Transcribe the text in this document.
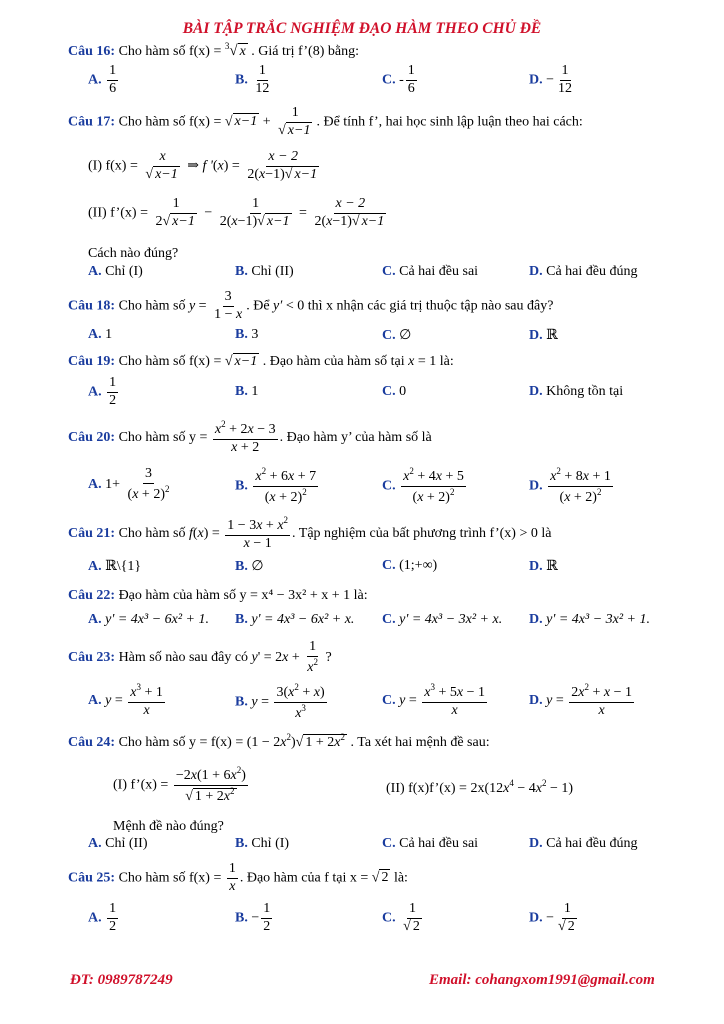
BÀI TẬP TRẮC NGHIỆM ĐẠO HÀM THEO CHỦ ĐỀ
Câu 16: Cho hàm số f(x) = $^3$√ x . Giá trị f’(8) bằng:
A. $\frac{1}{6}$	B. $\frac{1}{12}$	C. - $\frac{1}{6}$	D. − $\frac{1}{12}$
Câu 17: Cho hàm số f(x) = √ $x-1 + \frac{1}{√ x-1}$ . Để tính f’, hai học sinh lập luận theo hai cách:
(I) $f(x) = \frac{x}{√ x-1}$ ⇒ f '$(x) = \frac{x - 2}{2(x-1)√ x-1}$
(II) f’(x) = $\frac{1}{2√ x-1} - \frac{1}{2(x-1)√ x-1} = \frac{x - 2}{2(x-1)√ x-1}$
Cách nào đúng?
A. Chỉ (I)	B. Chỉ (II)	C. Cả hai đều sai	D. Cả hai đều đúng
Câu 18: Cho hàm số $y = \frac{3}{1 - x}$ . Để y′ < 0 thì x nhận các giá trị thuộc tập nào sau đây?
A. 1	B. 3	C. ∅	D. ℝ
Câu 19: Cho hàm số f(x) = √ x−1 . Đạo hàm của hàm số tại x = 1 là:
A. $\frac{1}{2}$	B. 1	C. 0	D. Không tồn tại
Câu 20: Cho hàm số $y = \frac{x^2 + 2x - 3}{x + 2}$ . Đạo hàm y’ của hàm số là
A. $1+ \frac{3}{(x + 2)^2}$	B. $\frac{x^2 + 6x + 7}{(x + 2)^2}$	C. $\frac{x^2 + 4x + 5}{(x + 2)^2}$	D. $\frac{x^2 + 8x + 1}{(x + 2)^2}$
Câu 21: Cho hàm số $f(x) = \frac{1 - 3x + x^2}{x - 1}$ . Tập nghiệm của bất phương trình f’(x) > 0 là
A. ℝ\{1}	B. ∅	C. (1;+∞)	D. ℝ
Câu 22: Đạo hàm của hàm số y = x⁴ − 3x² + x + 1 là:
A. y' = 4x³ − 6x² + 1. B. y' = 4x³ − 6x² + x. C. y' = 4x³ − 3x² + x. D. y' = 4x³ − 3x² + 1.
Câu 23: Hàm số nào sau đây có $y' = 2x + \frac{1}{x^2}$ ?
A. $y = \frac{x^3 + 1}{x}$	B. $y = \frac{3(x^2 + x)}{x^3}$	C. $y = \frac{x^3 + 5x - 1}{x}$	D. $y = \frac{2x^2 + x - 1}{x}$
Câu 24: Cho hàm số $y = f(x) = (1 - 2x^2)√$ $1 + 2x^2$ . Ta xét hai mệnh đề sau:
(I) f’(x) = $\frac{-2x(1 + 6x^2)}{√ 1 + 2x^2}$	(II) f(x)f’(x) = $2x(12x^4 - 4x^2 - 1)$
Mệnh đề nào đúng?
A. Chỉ (II)	B. Chỉ (I)	C. Cả hai đều sai	D. Cả hai đều đúng
Câu 25: Cho hàm số $f(x) = \frac{1}{x}$ . Đạo hàm của f tại x = √ 2 là:
A. $\frac{1}{2}$	B. − $\frac{1}{2}$	C. $\frac{1}{√ 2}$	D. − $\frac{1}{√ 2}$
ĐT: 0989787249	Email: cohangxom1991@gmail.com
